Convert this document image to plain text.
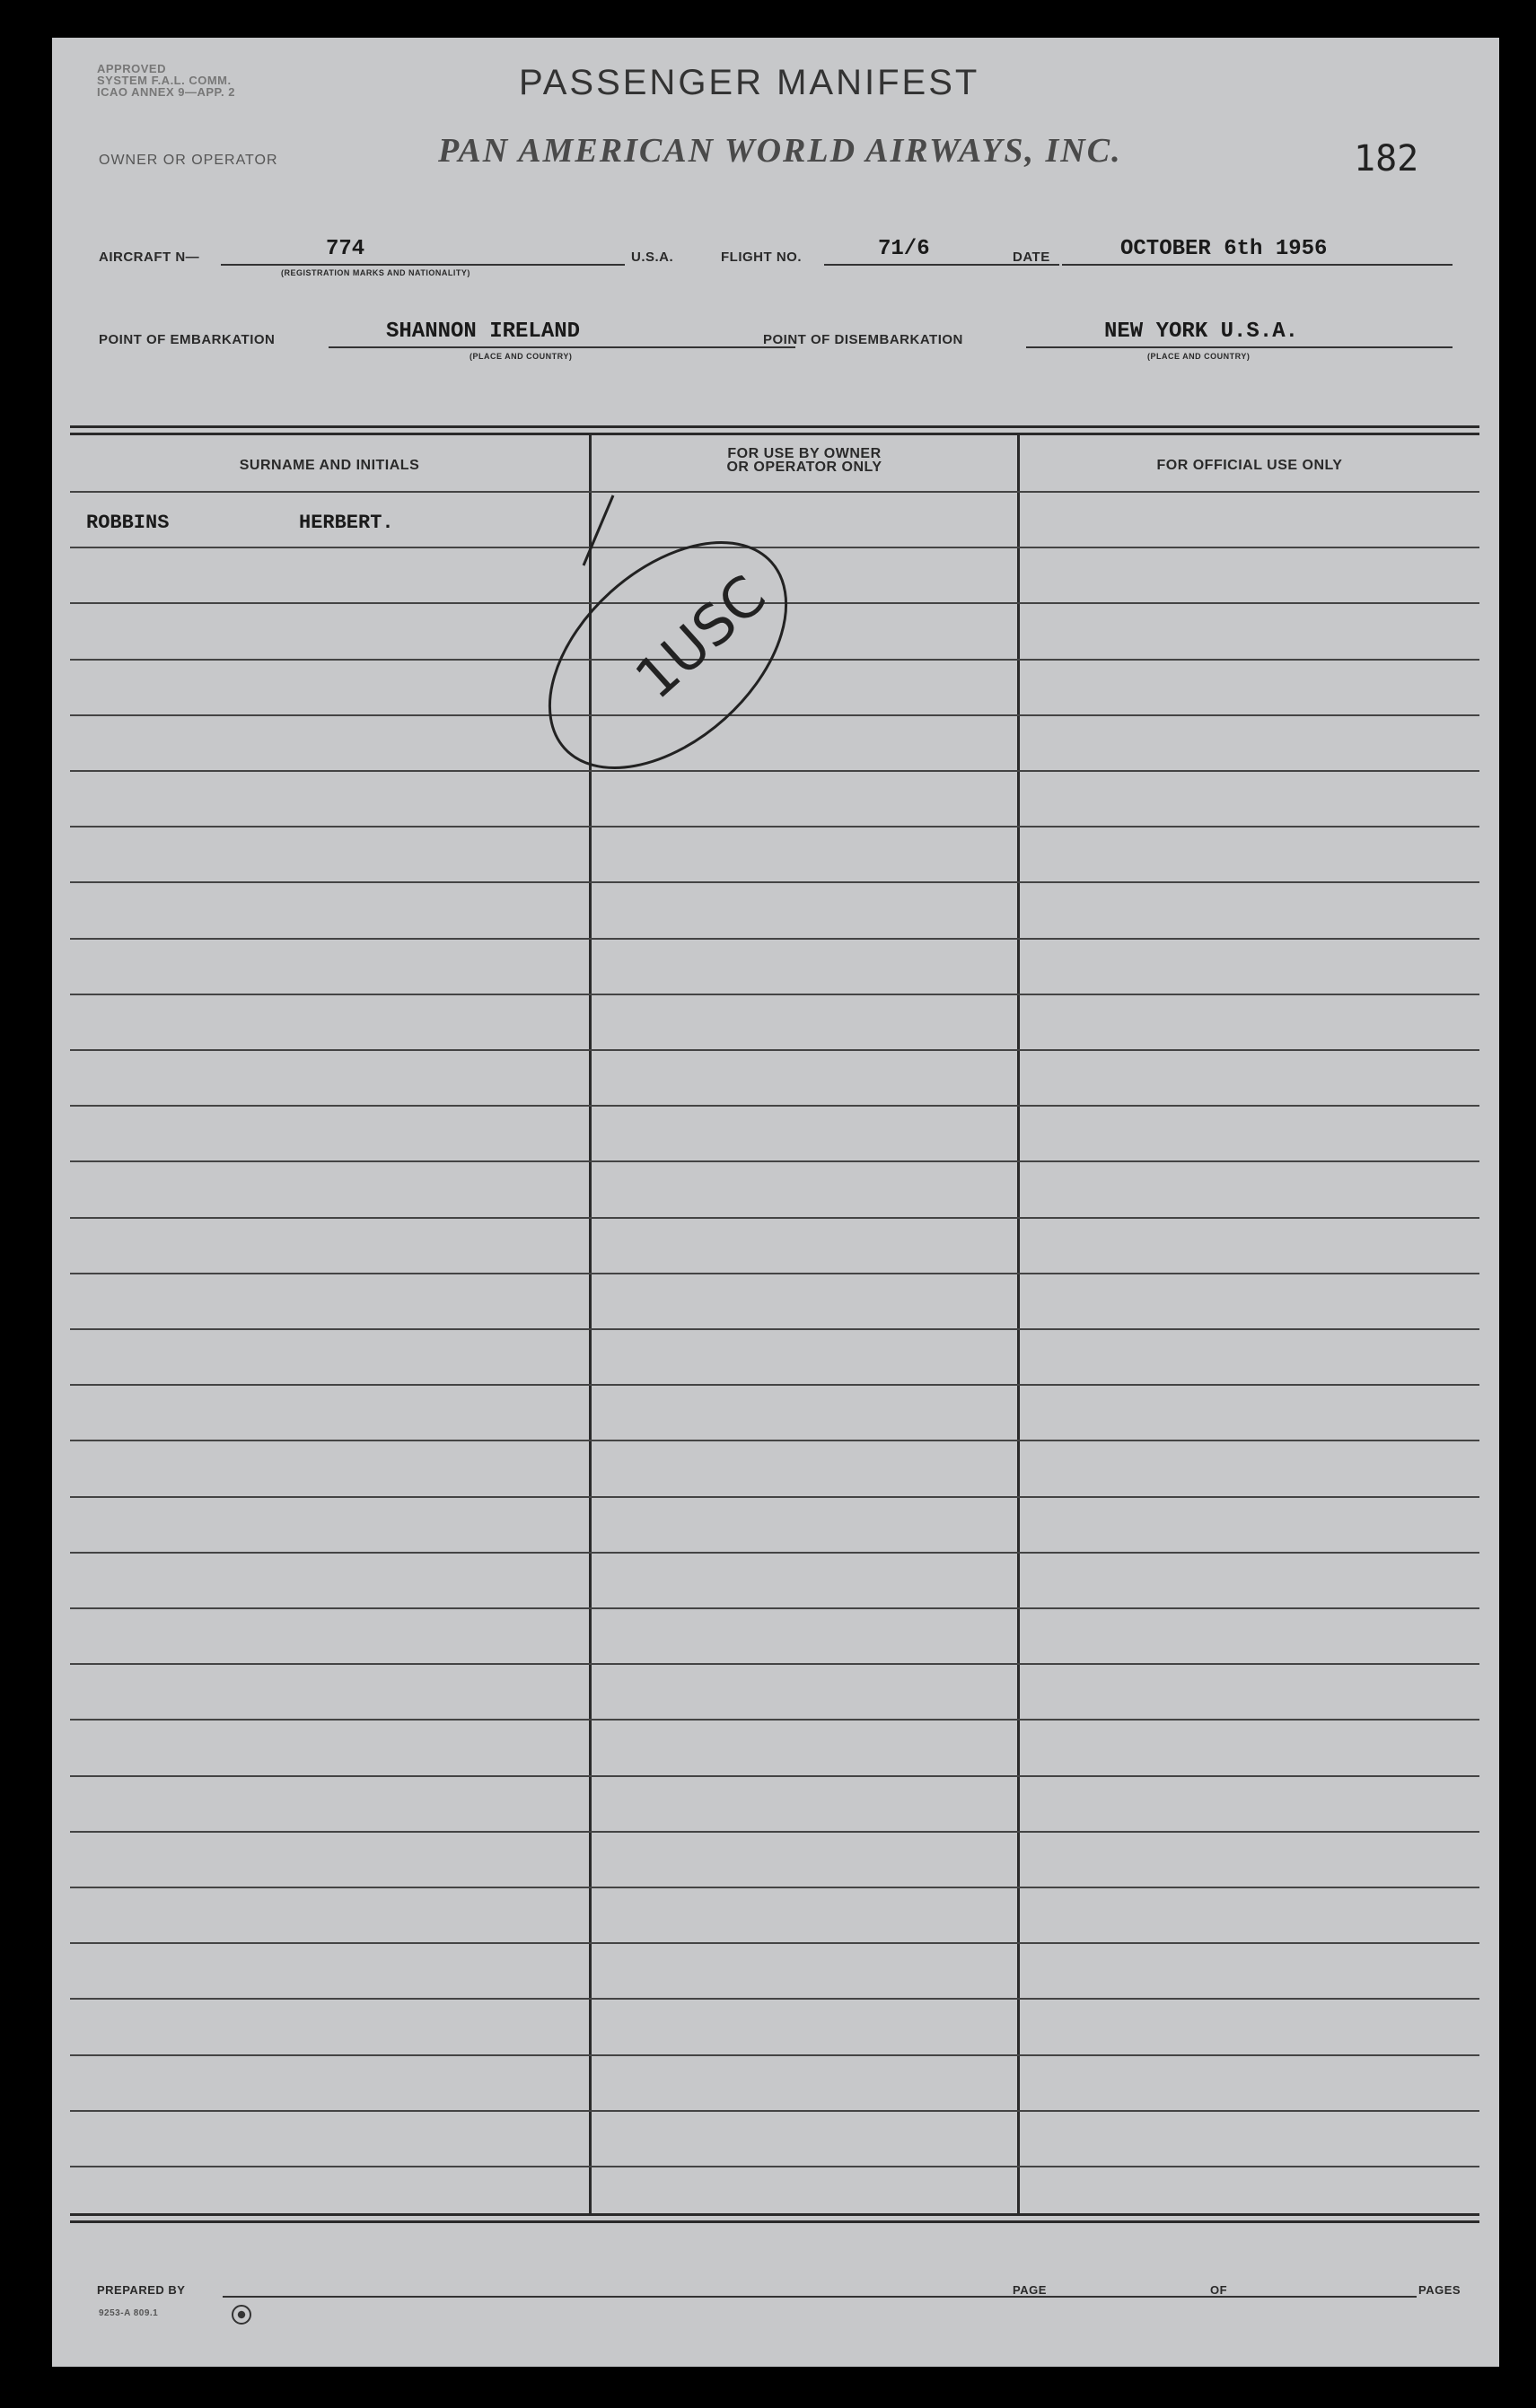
APPROVED
SYSTEM F.A.L. COMM.
ICAO ANNEX 9—APP. 2	PASSENGER MANIFEST
OWNER OR OPERATOR	PAN AMERICAN WORLD AIRWAYS, INC.	182
AIRCRAFT N—	774
(REGISTRATION MARKS AND NATIONALITY)
U.S.A.	FLIGHT NO.	71/6	DATE	OCTOBER 6th 1956
POINT OF EMBARKATION	SHANNON IRELAND
(PLACE AND COUNTRY)
POINT OF DISEMBARKATION	NEW YORK U.S.A.
(PLACE AND COUNTRY)
SURNAME AND INITIALS
FOR USE BY OWNER
OR OPERATOR ONLY	FOR OFFICIAL USE ONLY
ROBBINS	HERBERT.
1USC
PREPARED BY	PAGE	OF	PAGES
9253-A 809.1
